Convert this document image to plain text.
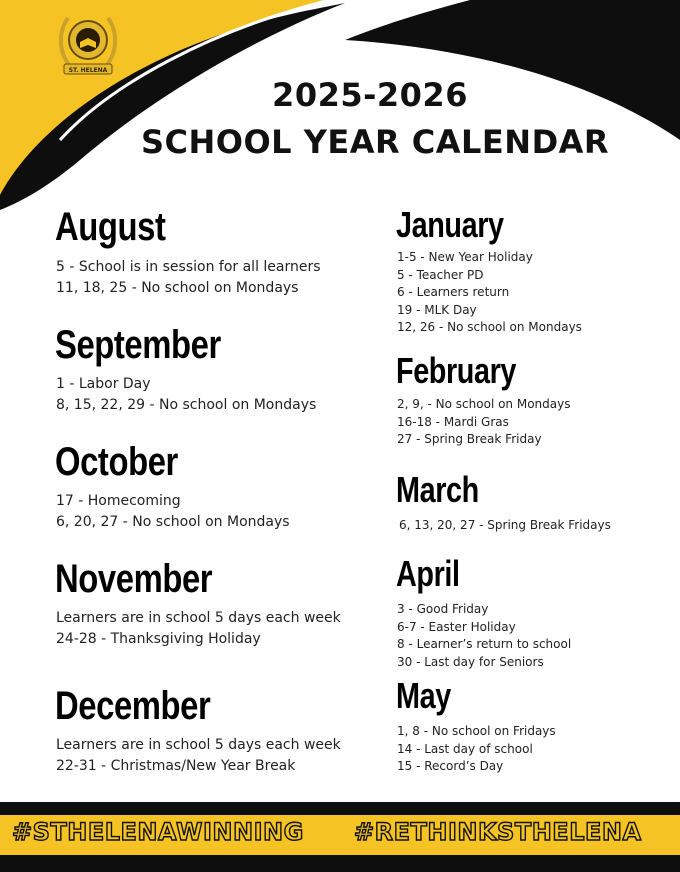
ST. HELENA
2025-2026
SCHOOL YEAR CALENDAR
August
5 - School is in session for all learners
11, 18, 25 - No school on Mondays
September
1 - Labor Day
8, 15, 22, 29 - No school on Mondays
October
17 - Homecoming
6, 20, 27 - No school on Mondays
November
Learners are in school 5 days each week
24-28 - Thanksgiving Holiday
December
Learners are in school 5 days each week
22-31 - Christmas/New Year Break
January
1-5 - New Year Holiday
5 - Teacher PD
6 - Learners return
19 - MLK Day
12, 26 - No school on Mondays
February
2, 9, - No school on Mondays
16-18 - Mardi Gras
27 - Spring Break Friday
March
6, 13, 20, 27 - Spring Break Fridays
April
3 - Good Friday
6-7 - Easter Holiday
8 - Learner’s return to school
30 - Last day for Seniors
May
1, 8 - No school on Fridays
14 - Last day of school
15 - Record’s Day
#STHELENAWINNING #RETHINKSTHELENA
